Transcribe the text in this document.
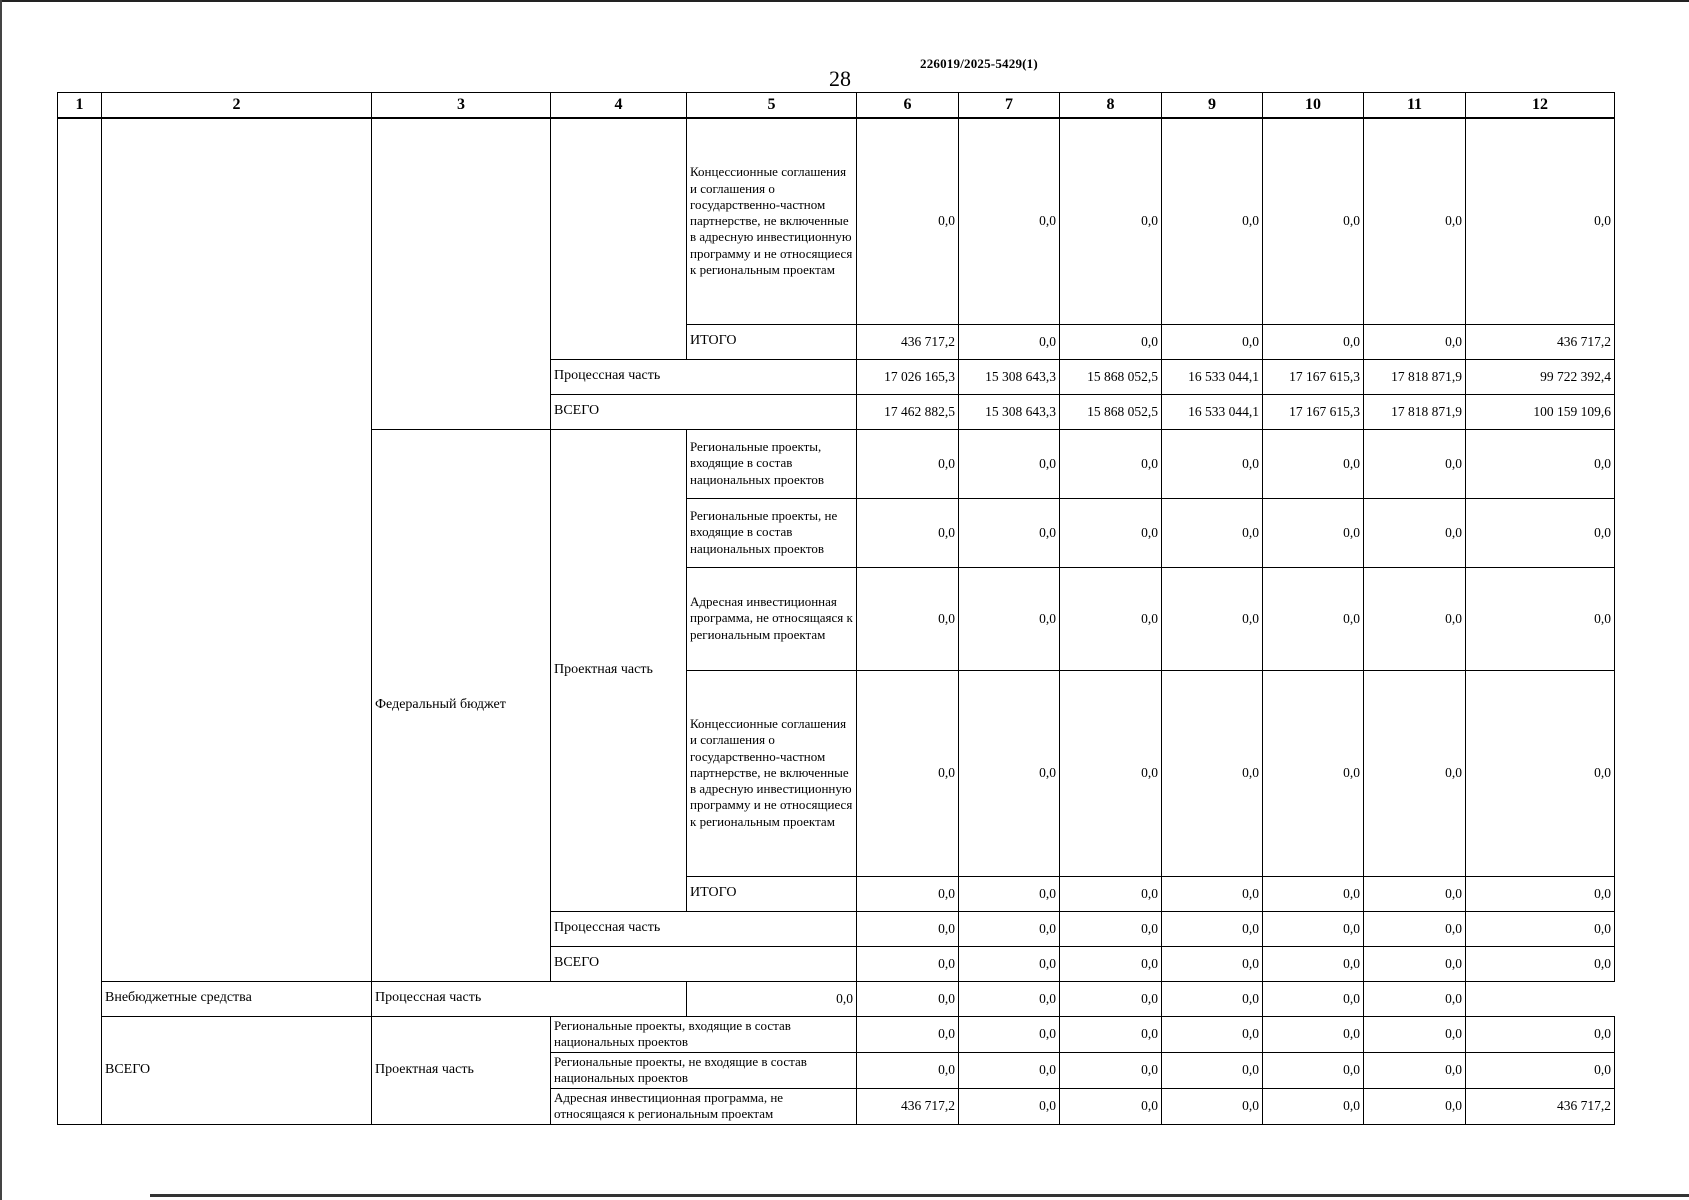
28
226019/2025-5429(1)
1	2	3	4	5	6	7	8	9	10	11	12
				Концессионные соглашения и соглашения о государственно-частном партнерстве, не включенные в адресную инвестиционную программу и не относящиеся к региональным проектам	0,0	0,0	0,0	0,0	0,0	0,0	0,0
				ИТОГО	436 717,2	0,0	0,0	0,0	0,0	0,0	436 717,2
			Процессная часть		17 026 165,3	15 308 643,3	15 868 052,5	16 533 044,1	17 167 615,3	17 818 871,9	99 722 392,4
			ВСЕГО		17 462 882,5	15 308 643,3	15 868 052,5	16 533 044,1	17 167 615,3	17 818 871,9	100 159 109,6
		Федеральный бюджет	Проектная часть	Региональные проекты, входящие в состав национальных проектов	0,0	0,0	0,0	0,0	0,0	0,0	0,0
				Региональные проекты, не входящие в состав национальных проектов	0,0	0,0	0,0	0,0	0,0	0,0	0,0
				Адресная инвестиционная программа, не относящаяся к региональным проектам	0,0	0,0	0,0	0,0	0,0	0,0	0,0
				Концессионные соглашения и соглашения о государственно-частном партнерстве, не включенные в адресную инвестиционную программу и не относящиеся к региональным проектам	0,0	0,0	0,0	0,0	0,0	0,0	0,0
				ИТОГО	0,0	0,0	0,0	0,0	0,0	0,0	0,0
			Процессная часть		0,0	0,0	0,0	0,0	0,0	0,0	0,0
			ВСЕГО		0,0	0,0	0,0	0,0	0,0	0,0	0,0
	Внебюджетные средства	Процессная часть		0,0	0,0	0,0	0,0	0,0	0,0	0,0	
	ВСЕГО	Проектная часть	Региональные проекты, входящие в состав национальных проектов		0,0	0,0	0,0	0,0	0,0	0,0	0,0
			Региональные проекты, не входящие в состав национальных проектов		0,0	0,0	0,0	0,0	0,0	0,0	0,0
			Адресная инвестиционная программа, не относящаяся к региональным проектам		436 717,2	0,0	0,0	0,0	0,0	0,0	436 717,2
